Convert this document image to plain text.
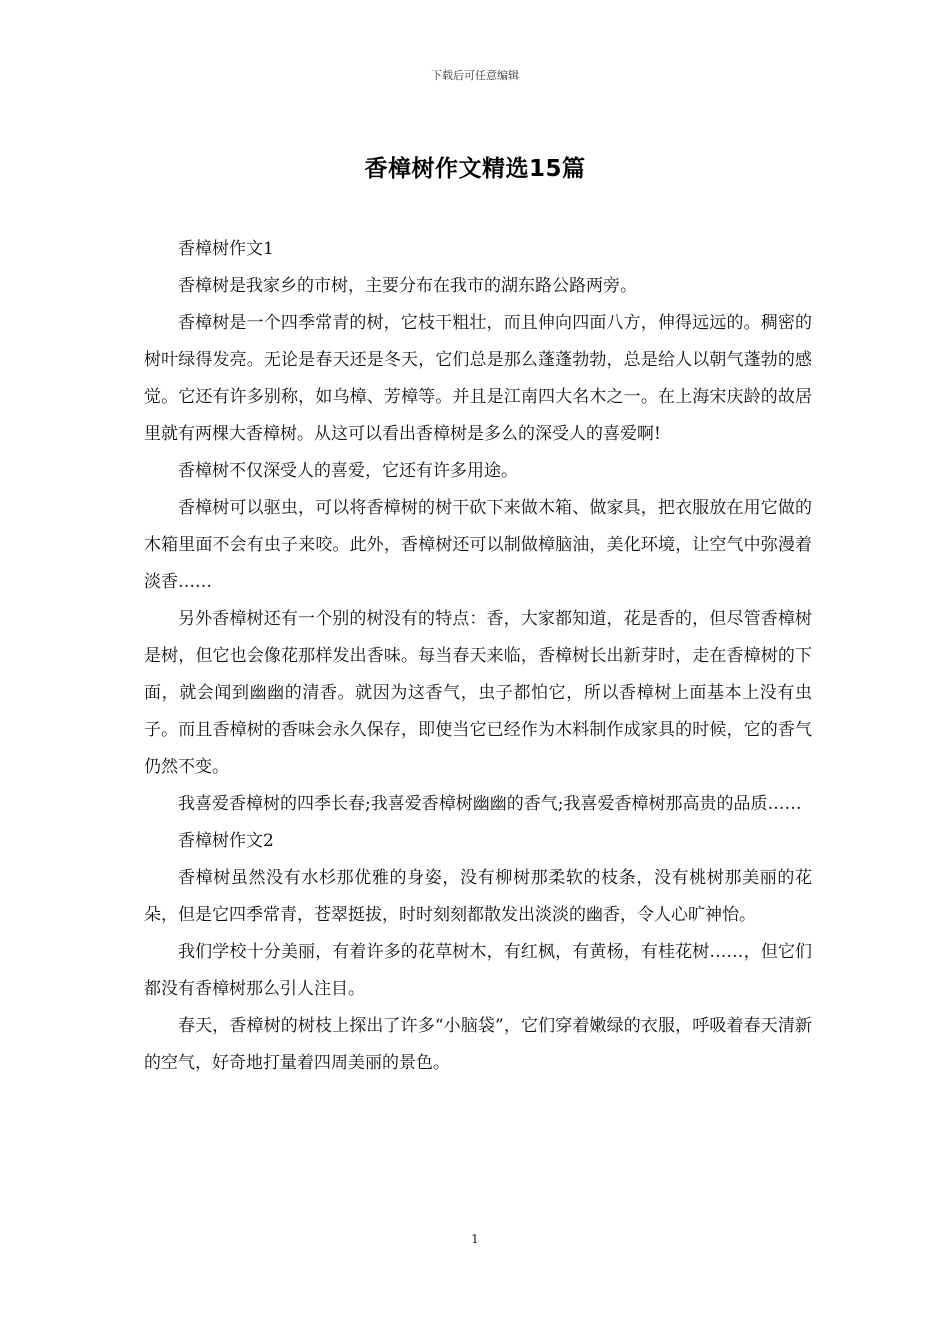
下载后可任意编辑
香樟树作文精选15篇

香樟树作文1

香樟树是我家乡的市树，主要分布在我市的湖东路公路两旁。

香樟树是一个四季常青的树，它枝干粗壮，而且伸向四面八方，伸得远远的。稠密的树叶绿得发亮。无论是春天还是冬天，它们总是那么蓬蓬勃勃，总是给人以朝气蓬勃的感觉。它还有许多别称，如乌樟、芳樟等。并且是江南四大名木之一。在上海宋庆龄的故居里就有两棵大香樟树。从这可以看出香樟树是多么的深受人的喜爱啊!

香樟树不仅深受人的喜爱，它还有许多用途。

香樟树可以驱虫，可以将香樟树的树干砍下来做木箱、做家具，把衣服放在用它做的木箱里面不会有虫子来咬。此外，香樟树还可以制做樟脑油，美化环境，让空气中弥漫着淡香……

另外香樟树还有一个别的树没有的特点：香，大家都知道，花是香的，但尽管香樟树是树，但它也会像花那样发出香味。每当春天来临，香樟树长出新芽时，走在香樟树的下面，就会闻到幽幽的清香。就因为这香气，虫子都怕它，所以香樟树上面基本上没有虫子。而且香樟树的香味会永久保存，即使当它已经作为木料制作成家具的时候，它的香气仍然不变。

我喜爱香樟树的四季长春;我喜爱香樟树幽幽的香气;我喜爱香樟树那高贵的品质……

香樟树作文2

香樟树虽然没有水杉那优雅的身姿，没有柳树那柔软的枝条，没有桃树那美丽的花朵，但是它四季常青，苍翠挺拔，时时刻刻都散发出淡淡的幽香，令人心旷神怡。

我们学校十分美丽，有着许多的花草树木，有红枫，有黄杨，有桂花树……，但它们都没有香樟树那么引人注目。

春天，香樟树的树枝上探出了许多“小脑袋”，它们穿着嫩绿的衣服，呼吸着春天清新的空气，好奇地打量着四周美丽的景色。

1
